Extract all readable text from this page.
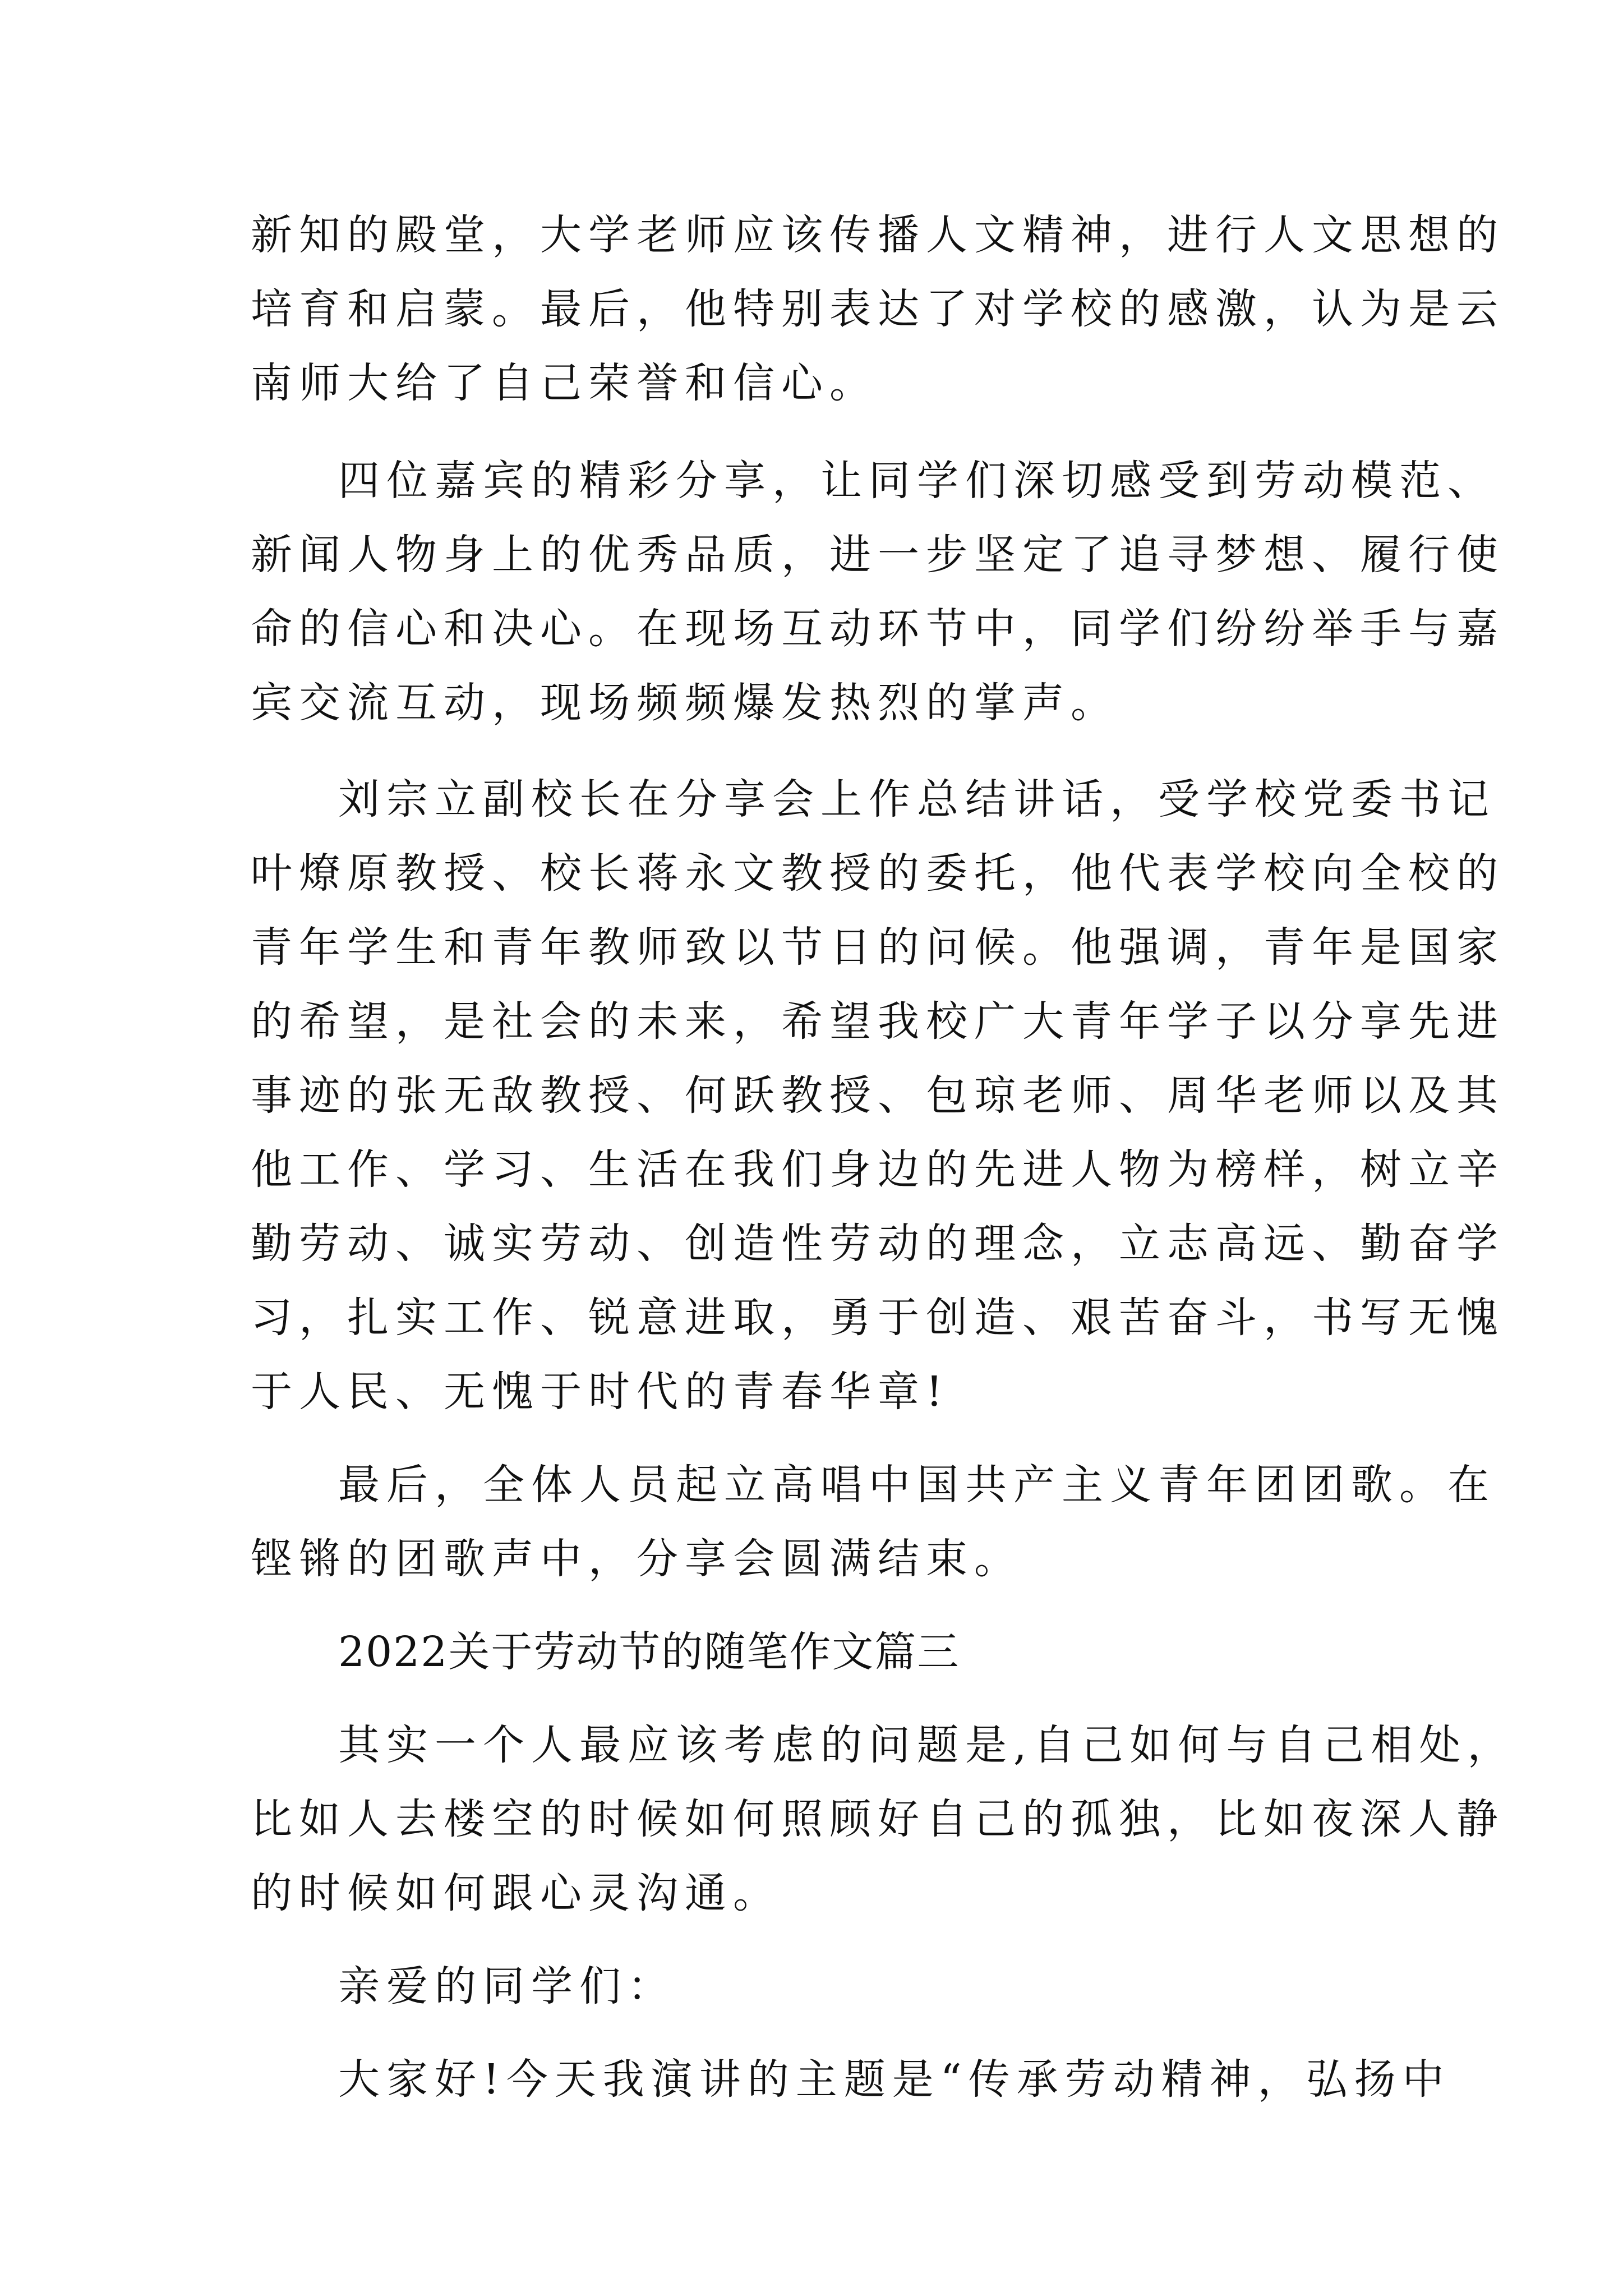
新知的殿堂，大学老师应该传播人文精神，进行人文思想的
培育和启蒙。最后，他特别表达了对学校的感激，认为是云
南师大给了自己荣誉和信心。
四位嘉宾的精彩分享，让同学们深切感受到劳动模范、
新闻人物身上的优秀品质，进一步坚定了追寻梦想、履行使
命的信心和决心。在现场互动环节中，同学们纷纷举手与嘉
宾交流互动，现场频频爆发热烈的掌声。
刘宗立副校长在分享会上作总结讲话，受学校党委书记
叶燎原教授、校长蒋永文教授的委托，他代表学校向全校的
青年学生和青年教师致以节日的问候。他强调，青年是国家
的希望，是社会的未来，希望我校广大青年学子以分享先进
事迹的张无敌教授、何跃教授、包琼老师、周华老师以及其
他工作、学习、生活在我们身边的先进人物为榜样，树立辛
勤劳动、诚实劳动、创造性劳动的理念，立志高远、勤奋学
习，扎实工作、锐意进取，勇于创造、艰苦奋斗，书写无愧
于人民、无愧于时代的青春华章!
最后，全体人员起立高唱中国共产主义青年团团歌。在
铿锵的团歌声中，分享会圆满结束。
2022关于劳动节的随笔作文篇三
其实一个人最应该考虑的问题是,自己如何与自己相处，
比如人去楼空的时候如何照顾好自己的孤独，比如夜深人静
的时候如何跟心灵沟通。
亲爱的同学们：
大家好!今天我演讲的主题是“传承劳动精神，弘扬中
